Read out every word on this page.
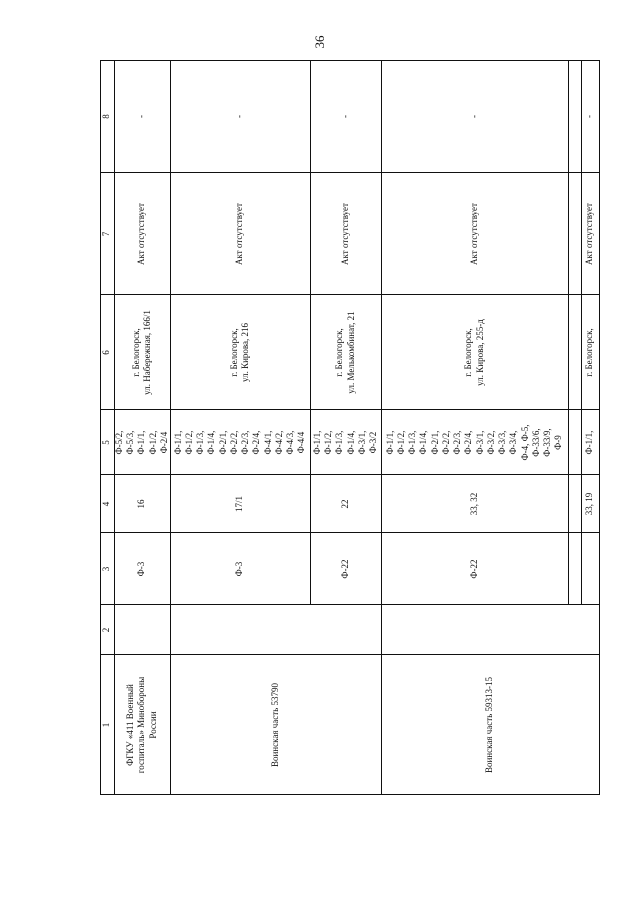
36
1
2
3
4
5
6
7
8
ФГКУ «411 Военный госпиталь» Минобороны России
Ф-3
16
Ф-5/2, Ф-5/3, Ф-1/1, Ф-1/2, Ф-2/4
г. Белогорск, ул. Набережная, 166/1
Акт отсутствует
-
Воинская часть 53790
Ф-3
17/1
Ф-1/1, Ф-1/2, Ф-1/3, Ф-1/4, Ф-2/1, Ф-2/2, Ф-2/3, Ф-2/4, Ф-4/1, Ф-4/2, Ф-4/3, Ф-4/4
г. Белогорск, ул. Кирова, 216
Акт отсутствует
-
Ф-22
22
Ф-1/1, Ф-1/2, Ф-1/3, Ф-1/4, Ф-3/1, Ф-3/2
г. Белогорск, ул. Мелькомбинат, 21
Акт отсутствует
-
Воинская часть 59313-15
Ф-22
33, 32
Ф-1/1, Ф-1/2, Ф-1/3, Ф-1/4, Ф-2/1, Ф-2/2, Ф-2/3, Ф-2/4, Ф-3/1, Ф-3/2, Ф-3/3, Ф-3/4, Ф-4, Ф-5, Ф-33/6, Ф-33/9, Ф-9
г. Белогорск, ул. Кирова, 255-д
Акт отсутствует
-
33, 19
Ф-1/1,
г. Белогорск,
Акт отсутствует
-
